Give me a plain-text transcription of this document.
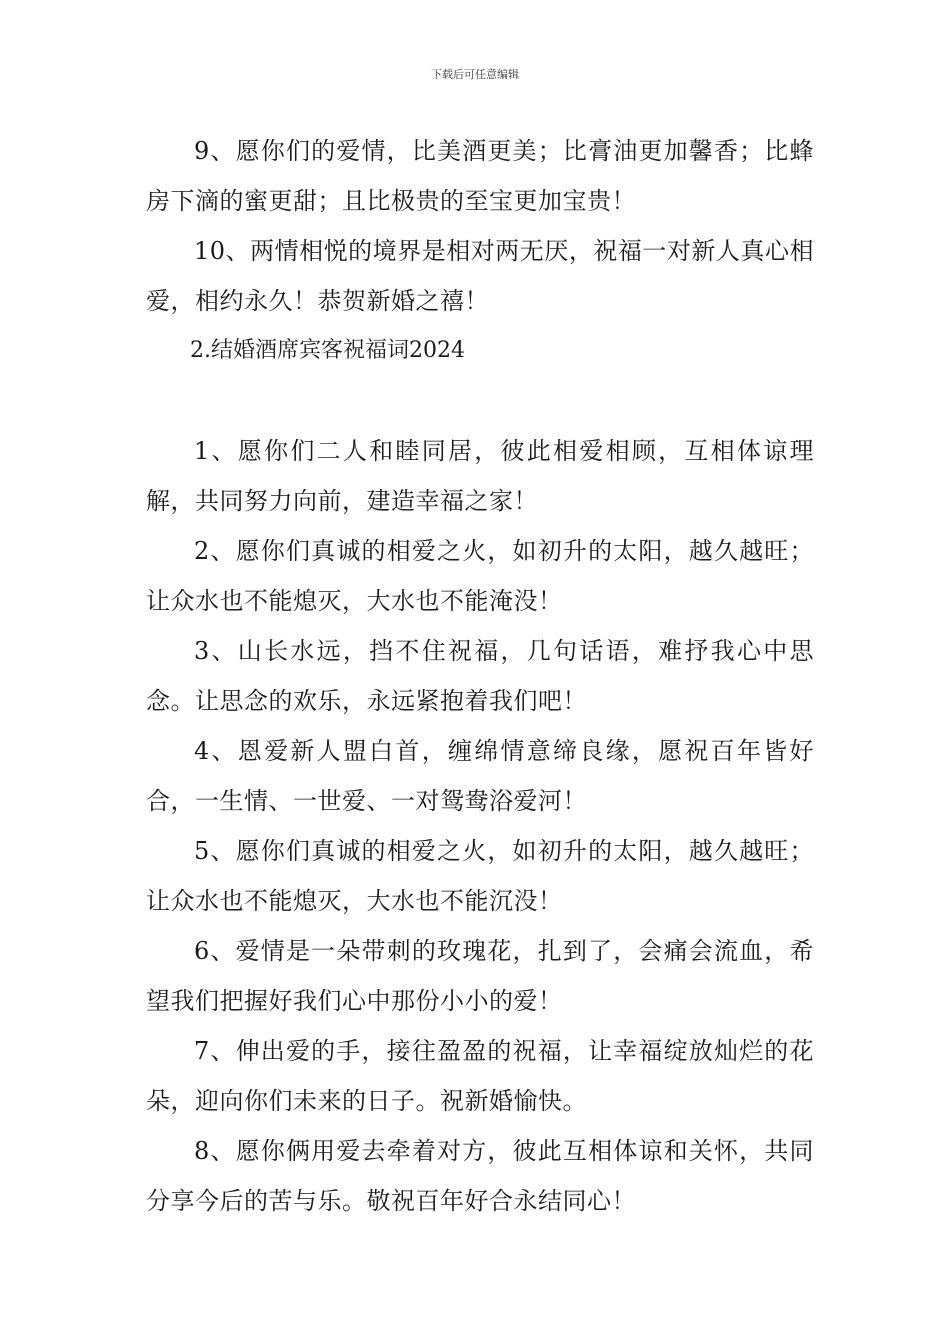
下载后可任意编辑

9、愿你们的爱情，比美酒更美；比膏油更加馨香；比蜂房下滴的蜜更甜；且比极贵的至宝更加宝贵！

10、两情相悦的境界是相对两无厌，祝福一对新人真心相爱，相约永久！恭贺新婚之禧！

2.结婚酒席宾客祝福词2024

1、愿你们二人和睦同居，彼此相爱相顾，互相体谅理解，共同努力向前，建造幸福之家！

2、愿你们真诚的相爱之火，如初升的太阳，越久越旺；让众水也不能熄灭，大水也不能淹没！

3、山长水远，挡不住祝福，几句话语，难抒我心中思念。让思念的欢乐，永远紧抱着我们吧！

4、恩爱新人盟白首，缠绵情意缔良缘，愿祝百年皆好合，一生情、一世爱、一对鸳鸯浴爱河！

5、愿你们真诚的相爱之火，如初升的太阳，越久越旺；让众水也不能熄灭，大水也不能沉没！

6、爱情是一朵带刺的玫瑰花，扎到了，会痛会流血，希望我们把握好我们心中那份小小的爱！

7、伸出爱的手，接往盈盈的祝福，让幸福绽放灿烂的花朵，迎向你们未来的日子。祝新婚愉快。

8、愿你俩用爱去牵着对方，彼此互相体谅和关怀，共同分享今后的苦与乐。敬祝百年好合永结同心！
